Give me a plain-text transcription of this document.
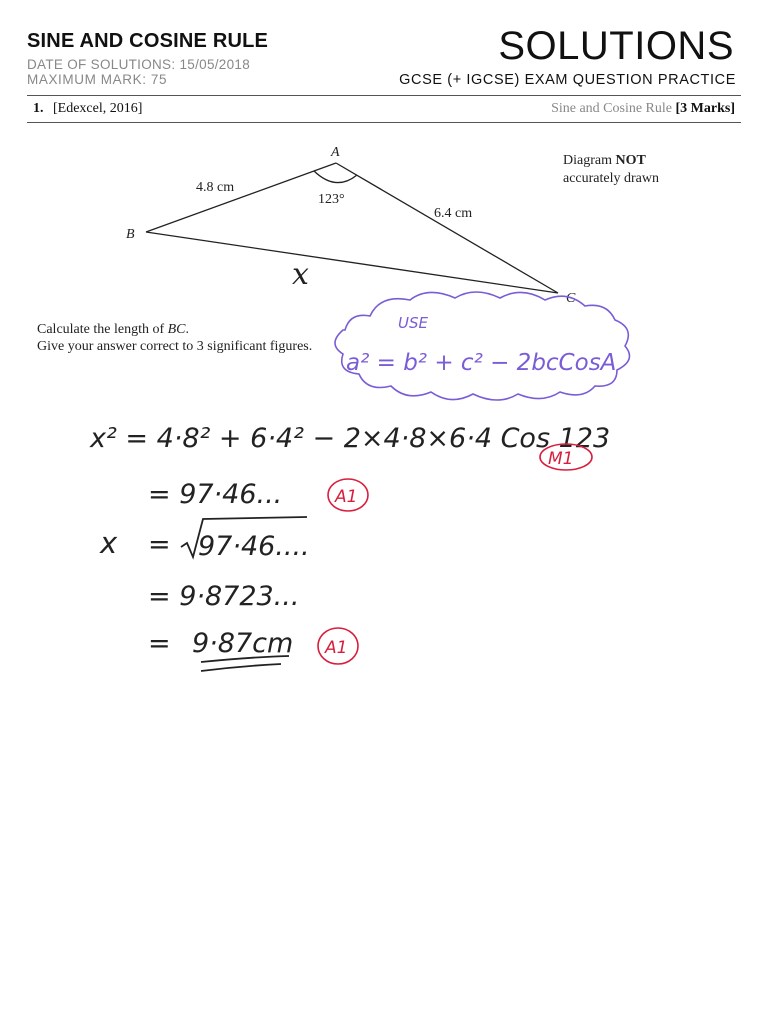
SINE AND COSINE RULE	SOLUTIONS
DATE OF SOLUTIONS: 15/05/2018
MAXIMUM MARK: 75	GCSE (+ IGCSE) EXAM QUESTION PRACTICE
1. [Edexcel, 2016]	Sine and Cosine Rule [3 Marks]
Diagram NOT
accurately drawn
Calculate the length of BC.
Give your answer correct to 3 significant figures.
A
B
C
4.8 cm
6.4 cm
123°
x
USE
a² = b² + c² − 2bcCosA
x² = 4·8² + 6·4² − 2×4·8×6·4 Cos 123
= 97·46...
x = 97·46....
= 9·8723...
= 9·87cm
M1
A1
A1
